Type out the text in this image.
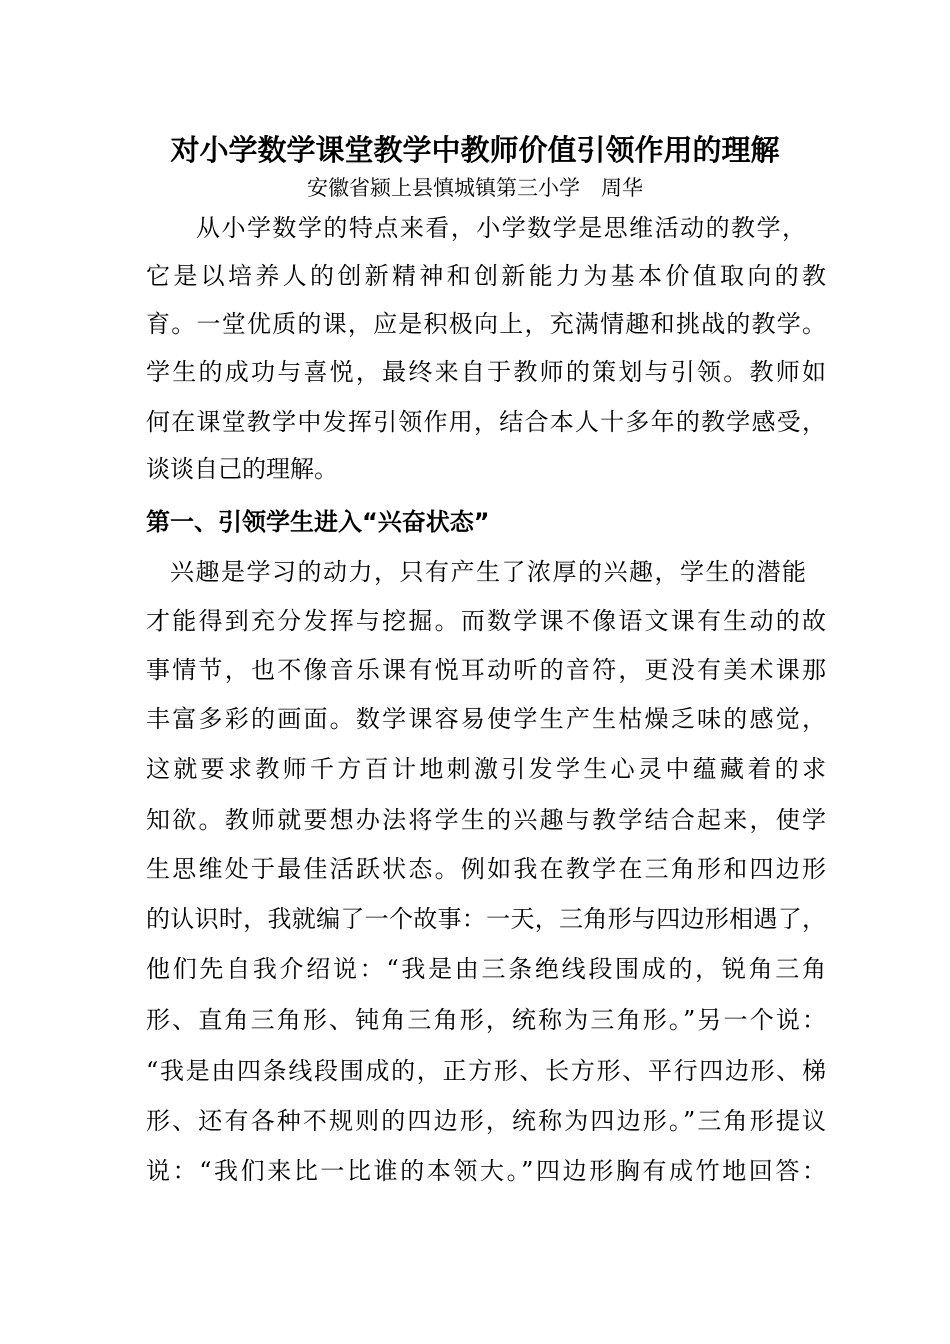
对小学数学课堂教学中教师价值引领作用的理解
安徽省颍上县慎城镇第三小学　周华
从小学数学的特点来看，小学数学是思维活动的教学，
它是以培养人的创新精神和创新能力为基本价值取向的教
育。一堂优质的课，应是积极向上，充满情趣和挑战的教学。
学生的成功与喜悦，最终来自于教师的策划与引领。教师如
何在课堂教学中发挥引领作用，结合本人十多年的教学感受，
谈谈自己的理解。
第一、引领学生进入“兴奋状态”
兴趣是学习的动力，只有产生了浓厚的兴趣，学生的潜能
才能得到充分发挥与挖掘。而数学课不像语文课有生动的故
事情节，也不像音乐课有悦耳动听的音符，更没有美术课那
丰富多彩的画面。数学课容易使学生产生枯燥乏味的感觉，
这就要求教师千方百计地刺激引发学生心灵中蕴藏着的求
知欲。教师就要想办法将学生的兴趣与教学结合起来，使学
生思维处于最佳活跃状态。例如我在教学在三角形和四边形
的认识时，我就编了一个故事：一天，三角形与四边形相遇了，
他们先自我介绍说：“我是由三条绝线段围成的，锐角三角
形、直角三角形、钝角三角形，统称为三角形。”另一个说：
“我是由四条线段围成的，正方形、长方形、平行四边形、梯
形、还有各种不规则的四边形，统称为四边形。”三角形提议
说：“我们来比一比谁的本领大。”四边形胸有成竹地回答：
